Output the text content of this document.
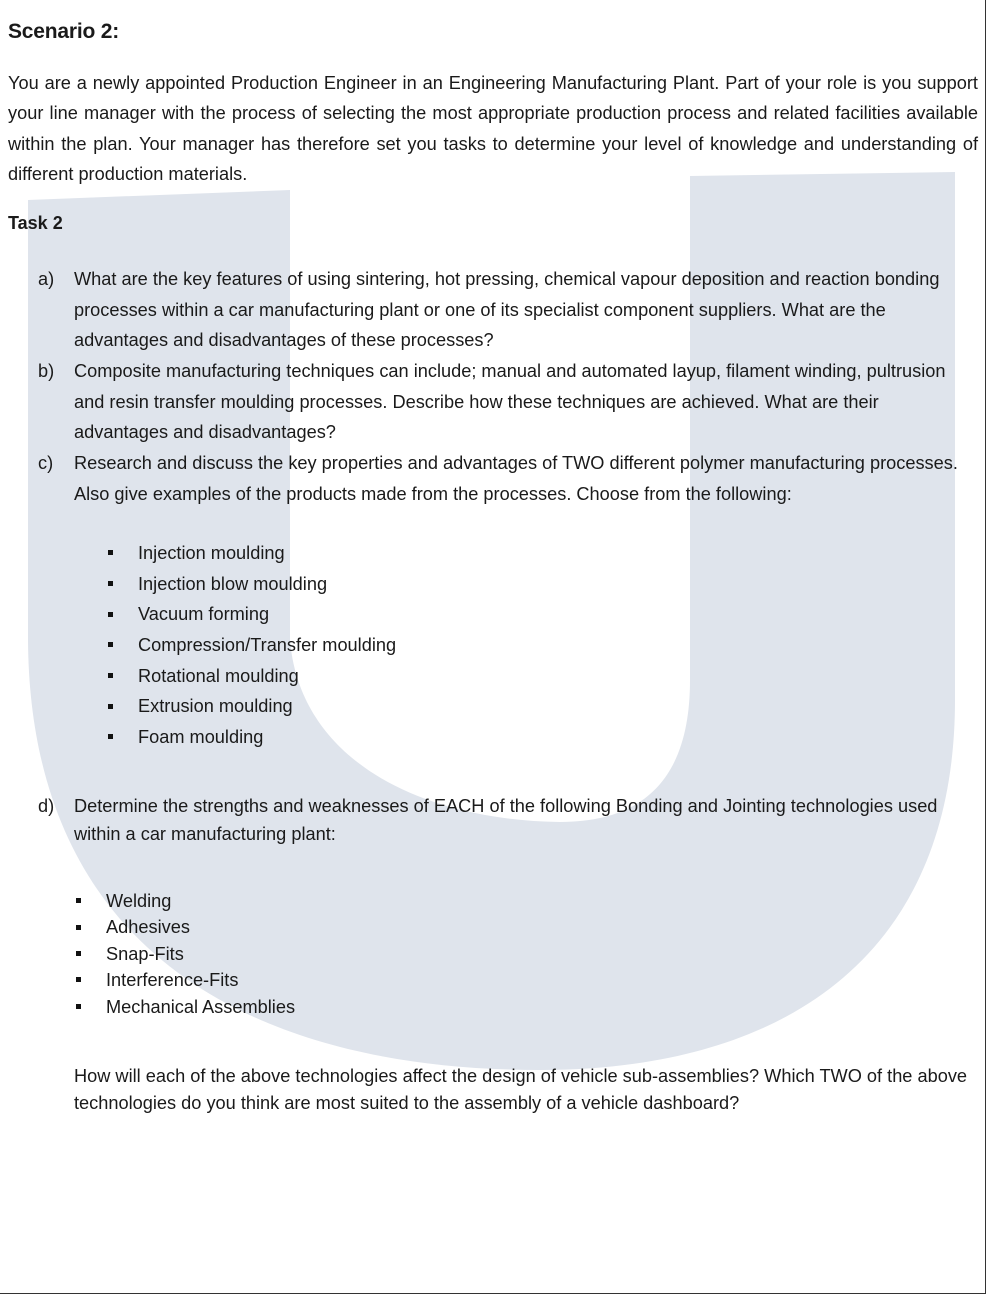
Scenario 2:

You are a newly appointed Production Engineer in an Engineering Manufacturing Plant. Part of your role is you support your line manager with the process of selecting the most appropriate production process and related facilities available within the plan. Your manager has therefore set you tasks to determine your level of knowledge and understanding of different production materials.

Task 2
a) What are the key features of using sintering, hot pressing, chemical vapour deposition and reaction bonding processes within a car manufacturing plant or one of its specialist component suppliers. What are the advantages and disadvantages of these processes?
b) Composite manufacturing techniques can include; manual and automated layup, filament winding, pultrusion and resin transfer moulding processes. Describe how these techniques are achieved. What are their advantages and disadvantages?
c) Research and discuss the key properties and advantages of TWO different polymer manufacturing processes. Also give examples of the products made from the processes. Choose from the following:
Injection moulding
Injection blow moulding
Vacuum forming
Compression/Transfer moulding
Rotational moulding
Extrusion moulding
Foam moulding
d) Determine the strengths and weaknesses of EACH of the following Bonding and Jointing technologies used within a car manufacturing plant:
Welding
Adhesives
Snap-Fits
Interference-Fits
Mechanical Assemblies

How will each of the above technologies affect the design of vehicle sub-assemblies? Which TWO of the above technologies do you think are most suited to the assembly of a vehicle dashboard?
